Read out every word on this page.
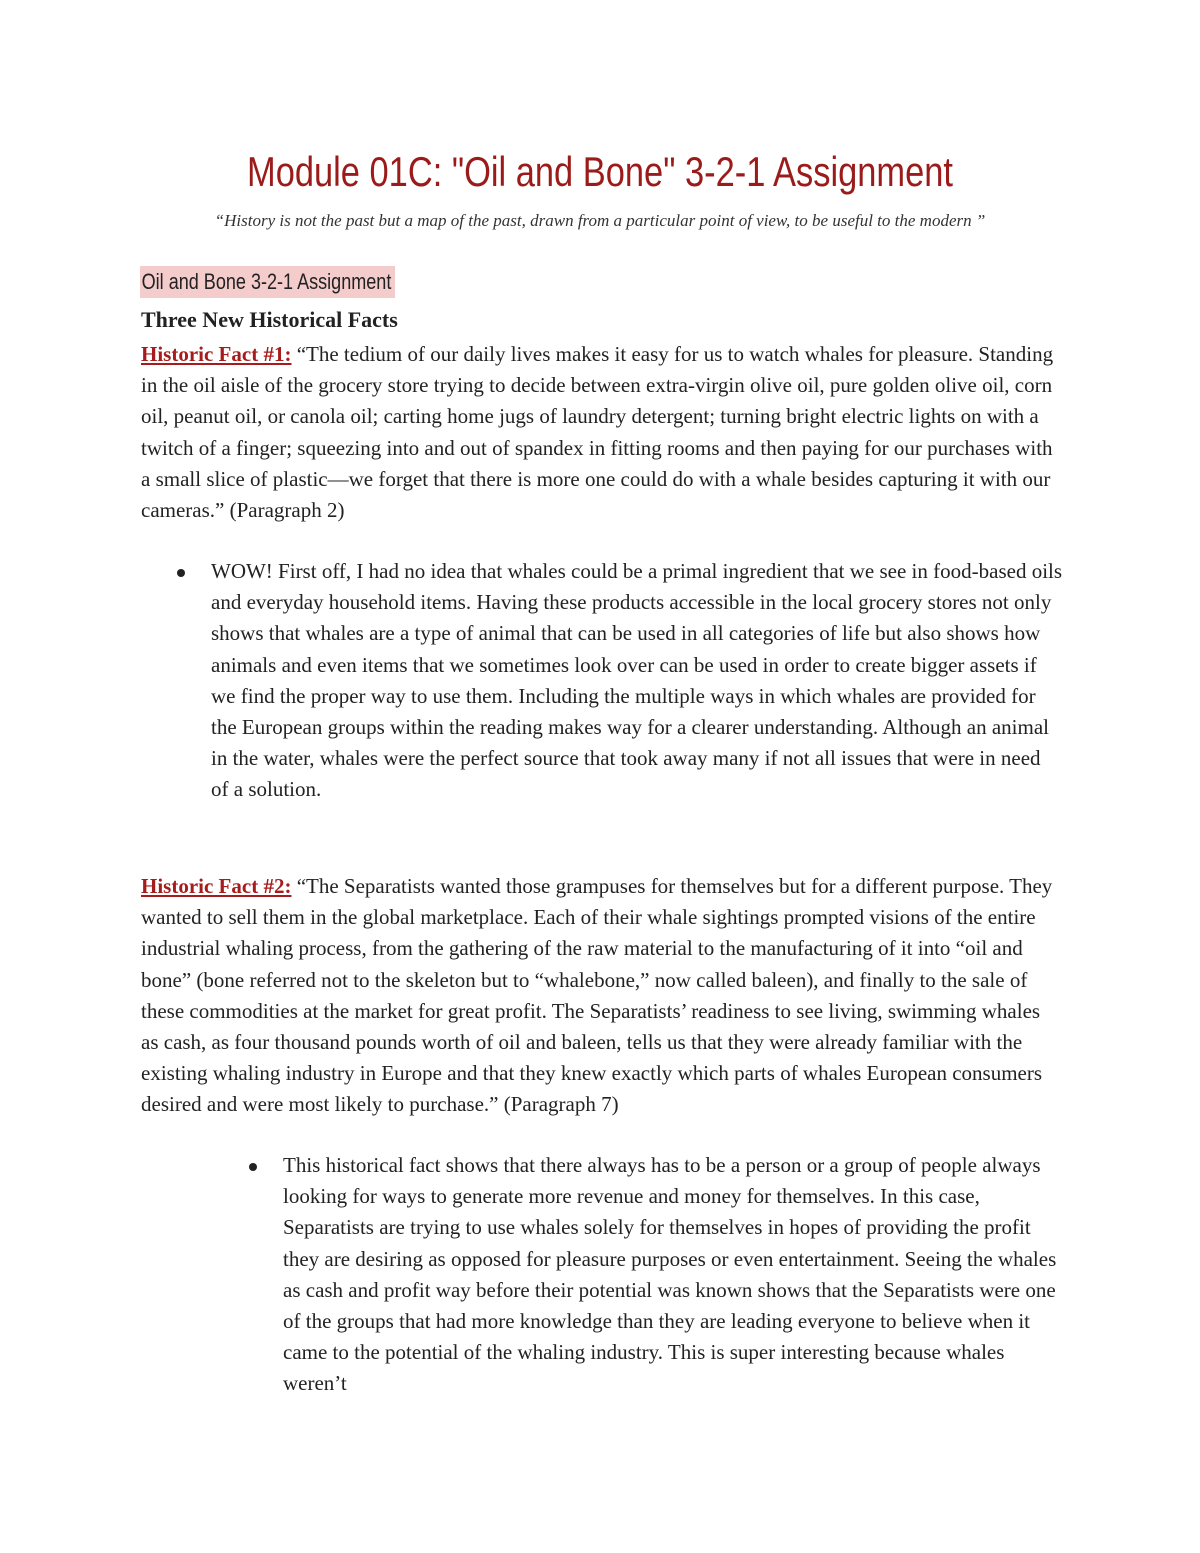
Module 01C: "Oil and Bone" 3-2-1 Assignment
“History is not the past but a map of the past, drawn from a particular point of view, to be useful to the modern ”
Oil and Bone 3-2-1 Assignment
Three New Historical Facts
Historic Fact #1: “The tedium of our daily lives makes it easy for us to watch whales for pleasure. Standing in the oil aisle of the grocery store trying to decide between extra-virgin olive oil, pure golden olive oil, corn oil, peanut oil, or canola oil; carting home jugs of laundry detergent; turning bright electric lights on with a twitch of a finger; squeezing into and out of spandex in fitting rooms and then paying for our purchases with a small slice of plastic—we forget that there is more one could do with a whale besides capturing it with our cameras.” (Paragraph 2)
WOW! First off, I had no idea that whales could be a primal ingredient that we see in food-based oils and everyday household items. Having these products accessible in the local grocery stores not only shows that whales are a type of animal that can be used in all categories of life but also shows how animals and even items that we sometimes look over can be used in order to create bigger assets if we find the proper way to use them. Including the multiple ways in which whales are provided for the European groups within the reading makes way for a clearer understanding. Although an animal in the water, whales were the perfect source that took away many if not all issues that were in need of a solution.
Historic Fact #2: “The Separatists wanted those grampuses for themselves but for a different purpose. They wanted to sell them in the global marketplace. Each of their whale sightings prompted visions of the entire industrial whaling process, from the gathering of the raw material to the manufacturing of it into “oil and bone” (bone referred not to the skeleton but to “whalebone,” now called baleen), and finally to the sale of these commodities at the market for great profit. The Separatists’ readiness to see living, swimming whales as cash, as four thousand pounds worth of oil and baleen, tells us that they were already familiar with the existing whaling industry in Europe and that they knew exactly which parts of whales European consumers desired and were most likely to purchase.” (Paragraph 7)
This historical fact shows that there always has to be a person or a group of people always looking for ways to generate more revenue and money for themselves. In this case, Separatists are trying to use whales solely for themselves in hopes of providing the profit they are desiring as opposed for pleasure purposes or even entertainment. Seeing the whales as cash and profit way before their potential was known shows that the Separatists were one of the groups that had more knowledge than they are leading everyone to believe when it came to the potential of the whaling industry. This is super interesting because whales weren’t
